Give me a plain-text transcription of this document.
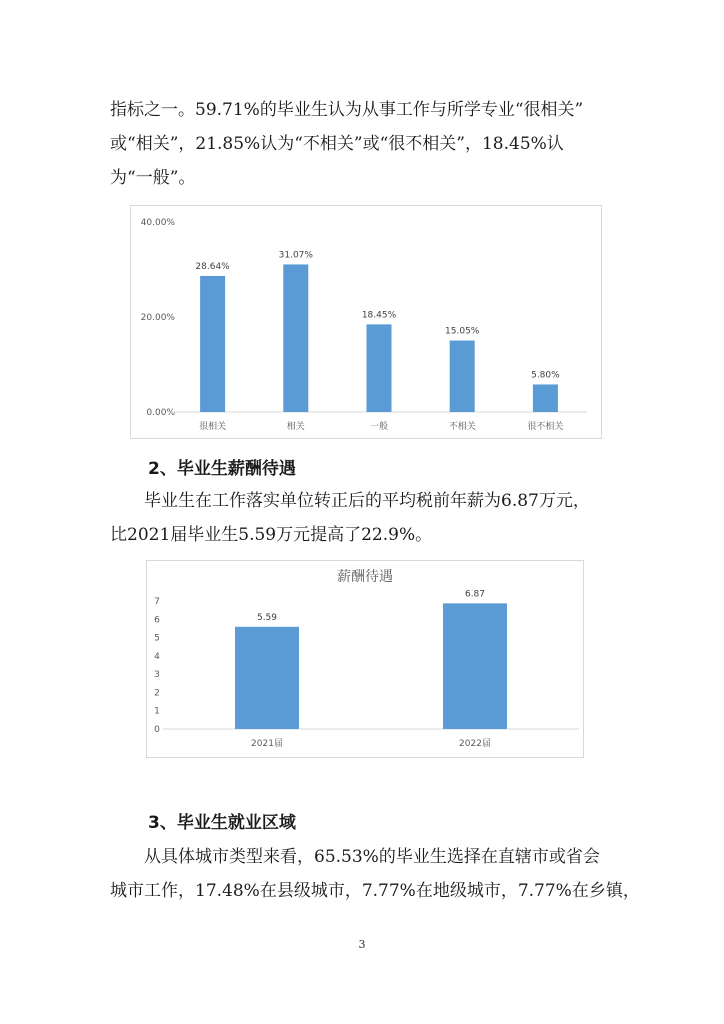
指标之一。59.71%的毕业生认为从事工作与所学专业“很相关”
或“相关”，21.85%认为“不相关”或“很不相关”，18.45%认
为“一般”。
0.00%
20.00%
40.00%
28.64%
很相关
31.07%
相关
18.45%
一般
15.05%
不相关
5.80%
很不相关
2、毕业生薪酬待遇
毕业生在工作落实单位转正后的平均税前年薪为6.87万元，
比2021届毕业生5.59万元提高了22.9%。
薪酬待遇
0
1
2
3
4
5
6
7
5.59
2021届
6.87
2022届
3、毕业生就业区域
从具体城市类型来看，65.53%的毕业生选择在直辖市或省会
城市工作，17.48%在县级城市，7.77%在地级城市，7.77%在乡镇，
3
